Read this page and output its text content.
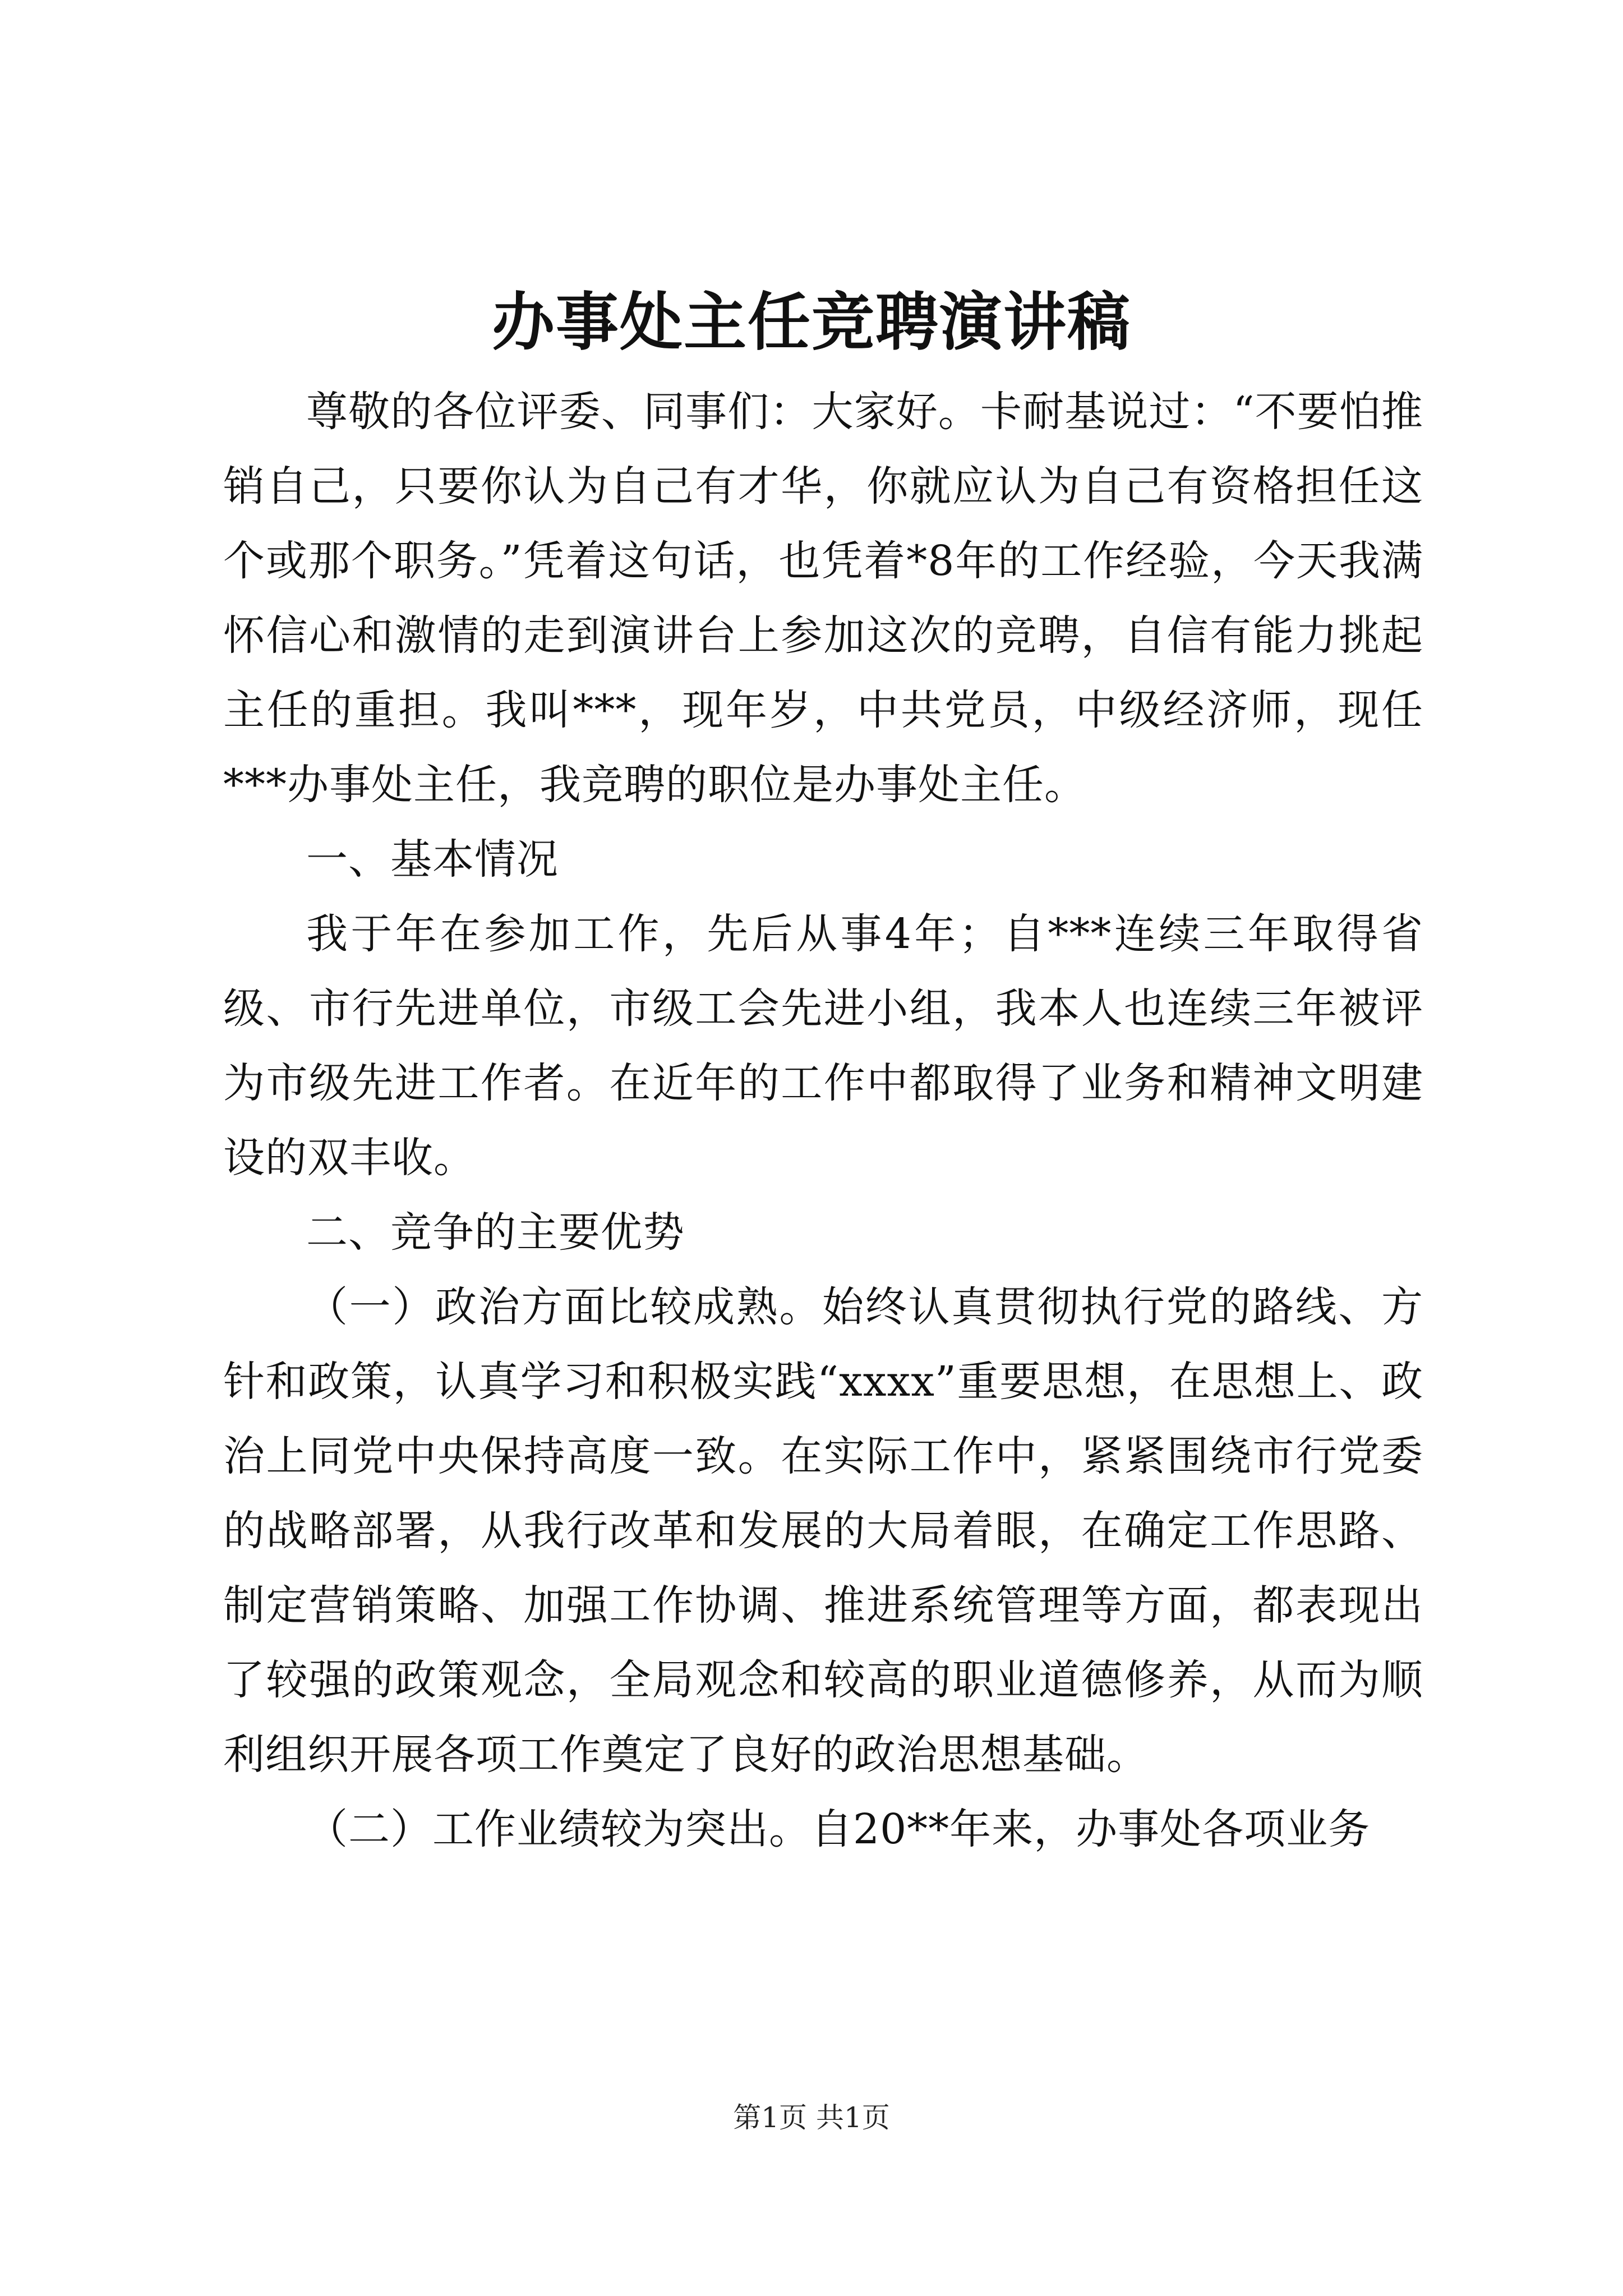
办事处主任竞聘演讲稿

尊敬的各位评委、同事们：大家好。卡耐基说过：“不要怕推销自己，只要你认为自己有才华，你就应认为自己有资格担任这个或那个职务。”凭着这句话，也凭着*8年的工作经验，今天我满怀信心和激情的走到演讲台上参加这次的竞聘，自信有能力挑起主任的重担。我叫***，现年岁，中共党员，中级经济师，现任***办事处主任，我竞聘的职位是办事处主任。

一、基本情况

我于年在参加工作，先后从事4年；自***连续三年取得省级、市行先进单位，市级工会先进小组，我本人也连续三年被评为市级先进工作者。在近年的工作中都取得了业务和精神文明建设的双丰收。

二、竞争的主要优势

（一）政治方面比较成熟。始终认真贯彻执行党的路线、方针和政策，认真学习和积极实践“xxxx”重要思想，在思想上、政治上同党中央保持高度一致。在实际工作中，紧紧围绕市行党委的战略部署，从我行改革和发展的大局着眼，在确定工作思路、制定营销策略、加强工作协调、推进系统管理等方面，都表现出了较强的政策观念，全局观念和较高的职业道德修养，从而为顺利组织开展各项工作奠定了良好的政治思想基础。

（二）工作业绩较为突出。自20**年来，办事处各项业务

第1页 共1页
